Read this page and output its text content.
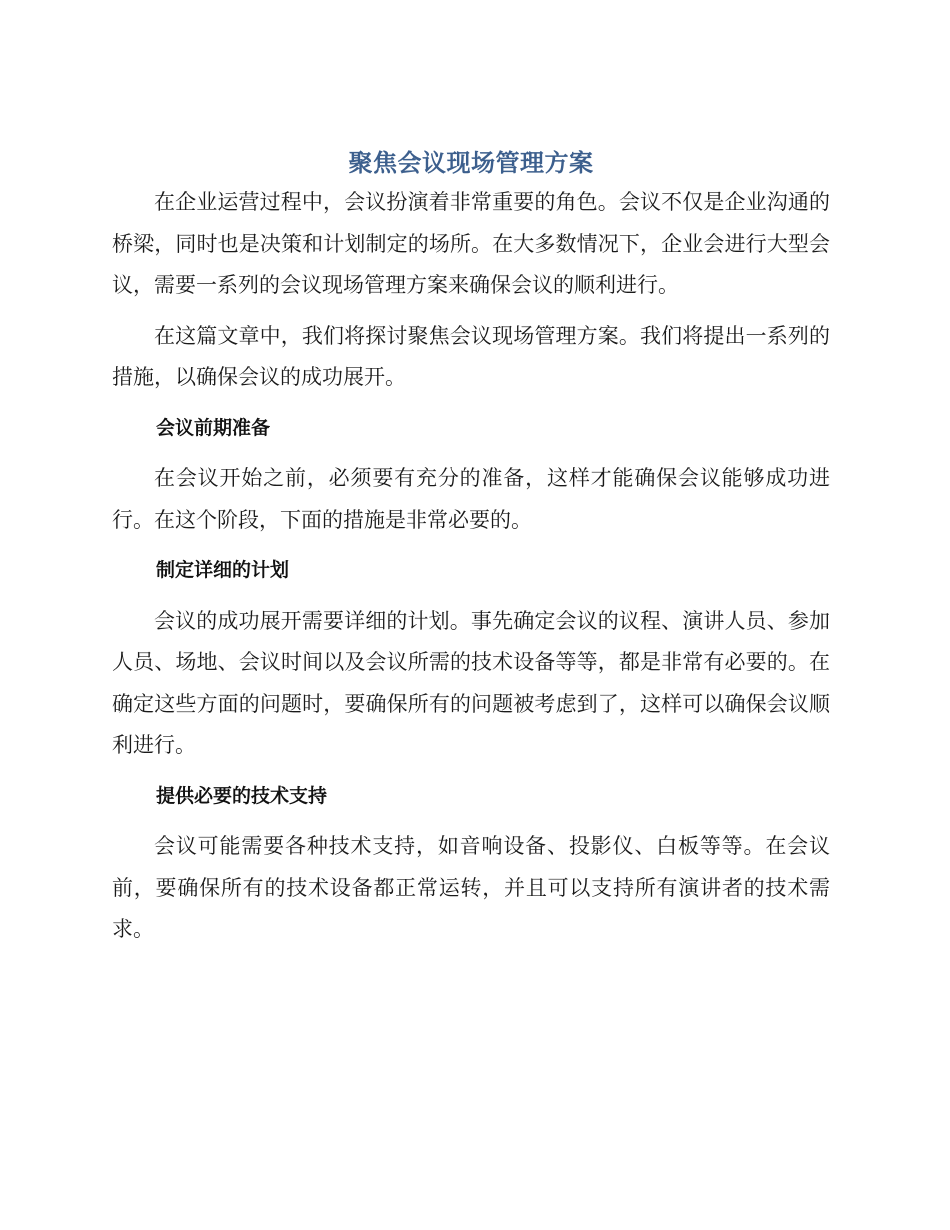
聚焦会议现场管理方案

在企业运营过程中，会议扮演着非常重要的角色。会议不仅是企业沟通的桥梁，同时也是决策和计划制定的场所。在大多数情况下，企业会进行大型会议，需要一系列的会议现场管理方案来确保会议的顺利进行。

在这篇文章中，我们将探讨聚焦会议现场管理方案。我们将提出一系列的措施，以确保会议的成功展开。

会议前期准备

在会议开始之前，必须要有充分的准备，这样才能确保会议能够成功进行。在这个阶段，下面的措施是非常必要的。

制定详细的计划

会议的成功展开需要详细的计划。事先确定会议的议程、演讲人员、参加人员、场地、会议时间以及会议所需的技术设备等等，都是非常有必要的。在确定这些方面的问题时，要确保所有的问题被考虑到了，这样可以确保会议顺利进行。

提供必要的技术支持

会议可能需要各种技术支持，如音响设备、投影仪、白板等等。在会议前，要确保所有的技术设备都正常运转，并且可以支持所有演讲者的技术需求。
